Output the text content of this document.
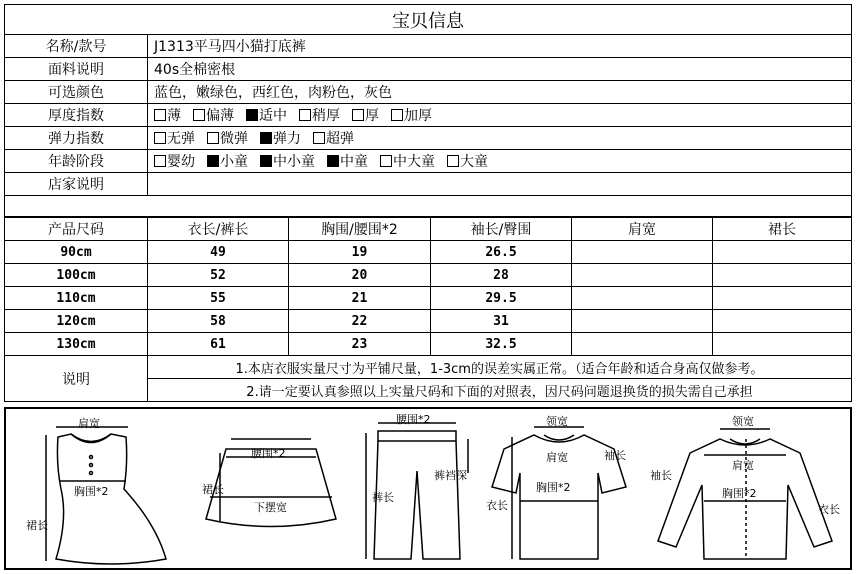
宝贝信息	
名称/款号	J1313平马四小猫打底裤
面料说明	40s全棉密根
可选颜色	蓝色，嫩绿色，西红色，肉粉色，灰色
厚度指数	薄 偏薄 适中 稍厚 厚 加厚
弹力指数	无弹 微弹 弹力 超弹
年龄阶段	婴幼 小童 中小童 中童 中大童 大童
店家说明	

产品尺码	衣长/裤长	胸围/腰围*2	袖长/臀围	肩宽	裙长
90cm	49	19	26.5		
100cm	52	20	28		
110cm	55	21	29.5		
120cm	58	22	31		
130cm	61	23	32.5		
说明	1.本店衣服实量尺寸为平铺尺量，1-3cm的误差实属正常。（适合年龄和适合身高仅做参考。				
	2.请一定要认真参照以上实量尺码和下面的对照表，因尺码问题退换货的损失需自己承担				
肩宽
胸围*2
裙长
腰围*2
裙长
下摆宽
腰围*2
裤裆深
裤长
领宽
肩宽	袖长
胸围*2
衣长
领宽
肩宽
袖长
胸围*2
衣长
